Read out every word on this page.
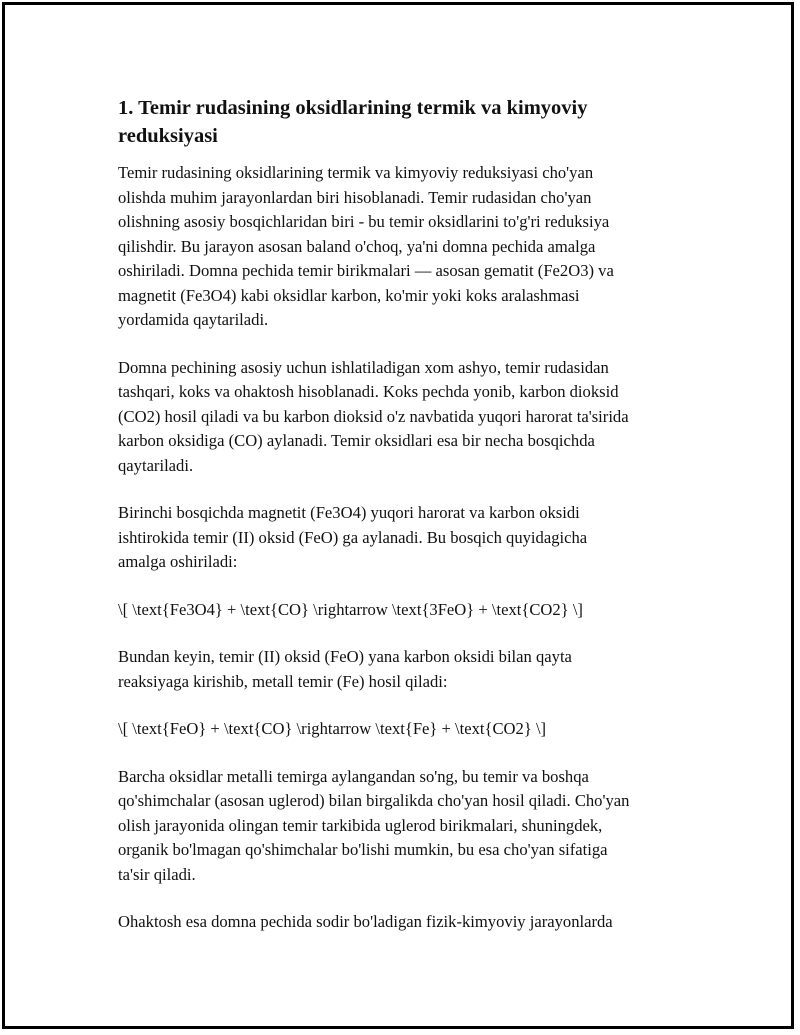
1. Temir rudasining oksidlarining termik va kimyoviy
reduksiyasi

Temir rudasining oksidlarining termik va kimyoviy reduksiyasi cho'yan
olishda muhim jarayonlardan biri hisoblanadi. Temir rudasidan cho'yan
olishning asosiy bosqichlaridan biri - bu temir oksidlarini to'g'ri reduksiya
qilishdir. Bu jarayon asosan baland o'choq, ya'ni domna pechida amalga
oshiriladi. Domna pechida temir birikmalari — asosan gematit (Fe2O3) va
magnetit (Fe3O4) kabi oksidlar karbon, ko'mir yoki koks aralashmasi
yordamida qaytariladi.

Domna pechining asosiy uchun ishlatiladigan xom ashyo, temir rudasidan
tashqari, koks va ohaktosh hisoblanadi. Koks pechda yonib, karbon dioksid
(CO2) hosil qiladi va bu karbon dioksid o'z navbatida yuqori harorat ta'sirida
karbon oksidiga (CO) aylanadi. Temir oksidlari esa bir necha bosqichda
qaytariladi.

Birinchi bosqichda magnetit (Fe3O4) yuqori harorat va karbon oksidi
ishtirokida temir (II) oksid (FeO) ga aylanadi. Bu bosqich quyidagicha
amalga oshiriladi:

\[ \text{Fe3O4} + \text{CO} \rightarrow \text{3FeO} + \text{CO2} \]

Bundan keyin, temir (II) oksid (FeO) yana karbon oksidi bilan qayta
reaksiyaga kirishib, metall temir (Fe) hosil qiladi:

\[ \text{FeO} + \text{CO} \rightarrow \text{Fe} + \text{CO2} \]

Barcha oksidlar metalli temirga aylangandan so'ng, bu temir va boshqa
qo'shimchalar (asosan uglerod) bilan birgalikda cho'yan hosil qiladi. Cho'yan
olish jarayonida olingan temir tarkibida uglerod birikmalari, shuningdek,
organik bo'lmagan qo'shimchalar bo'lishi mumkin, bu esa cho'yan sifatiga
ta'sir qiladi.

Ohaktosh esa domna pechida sodir bo'ladigan fizik-kimyoviy jarayonlarda
